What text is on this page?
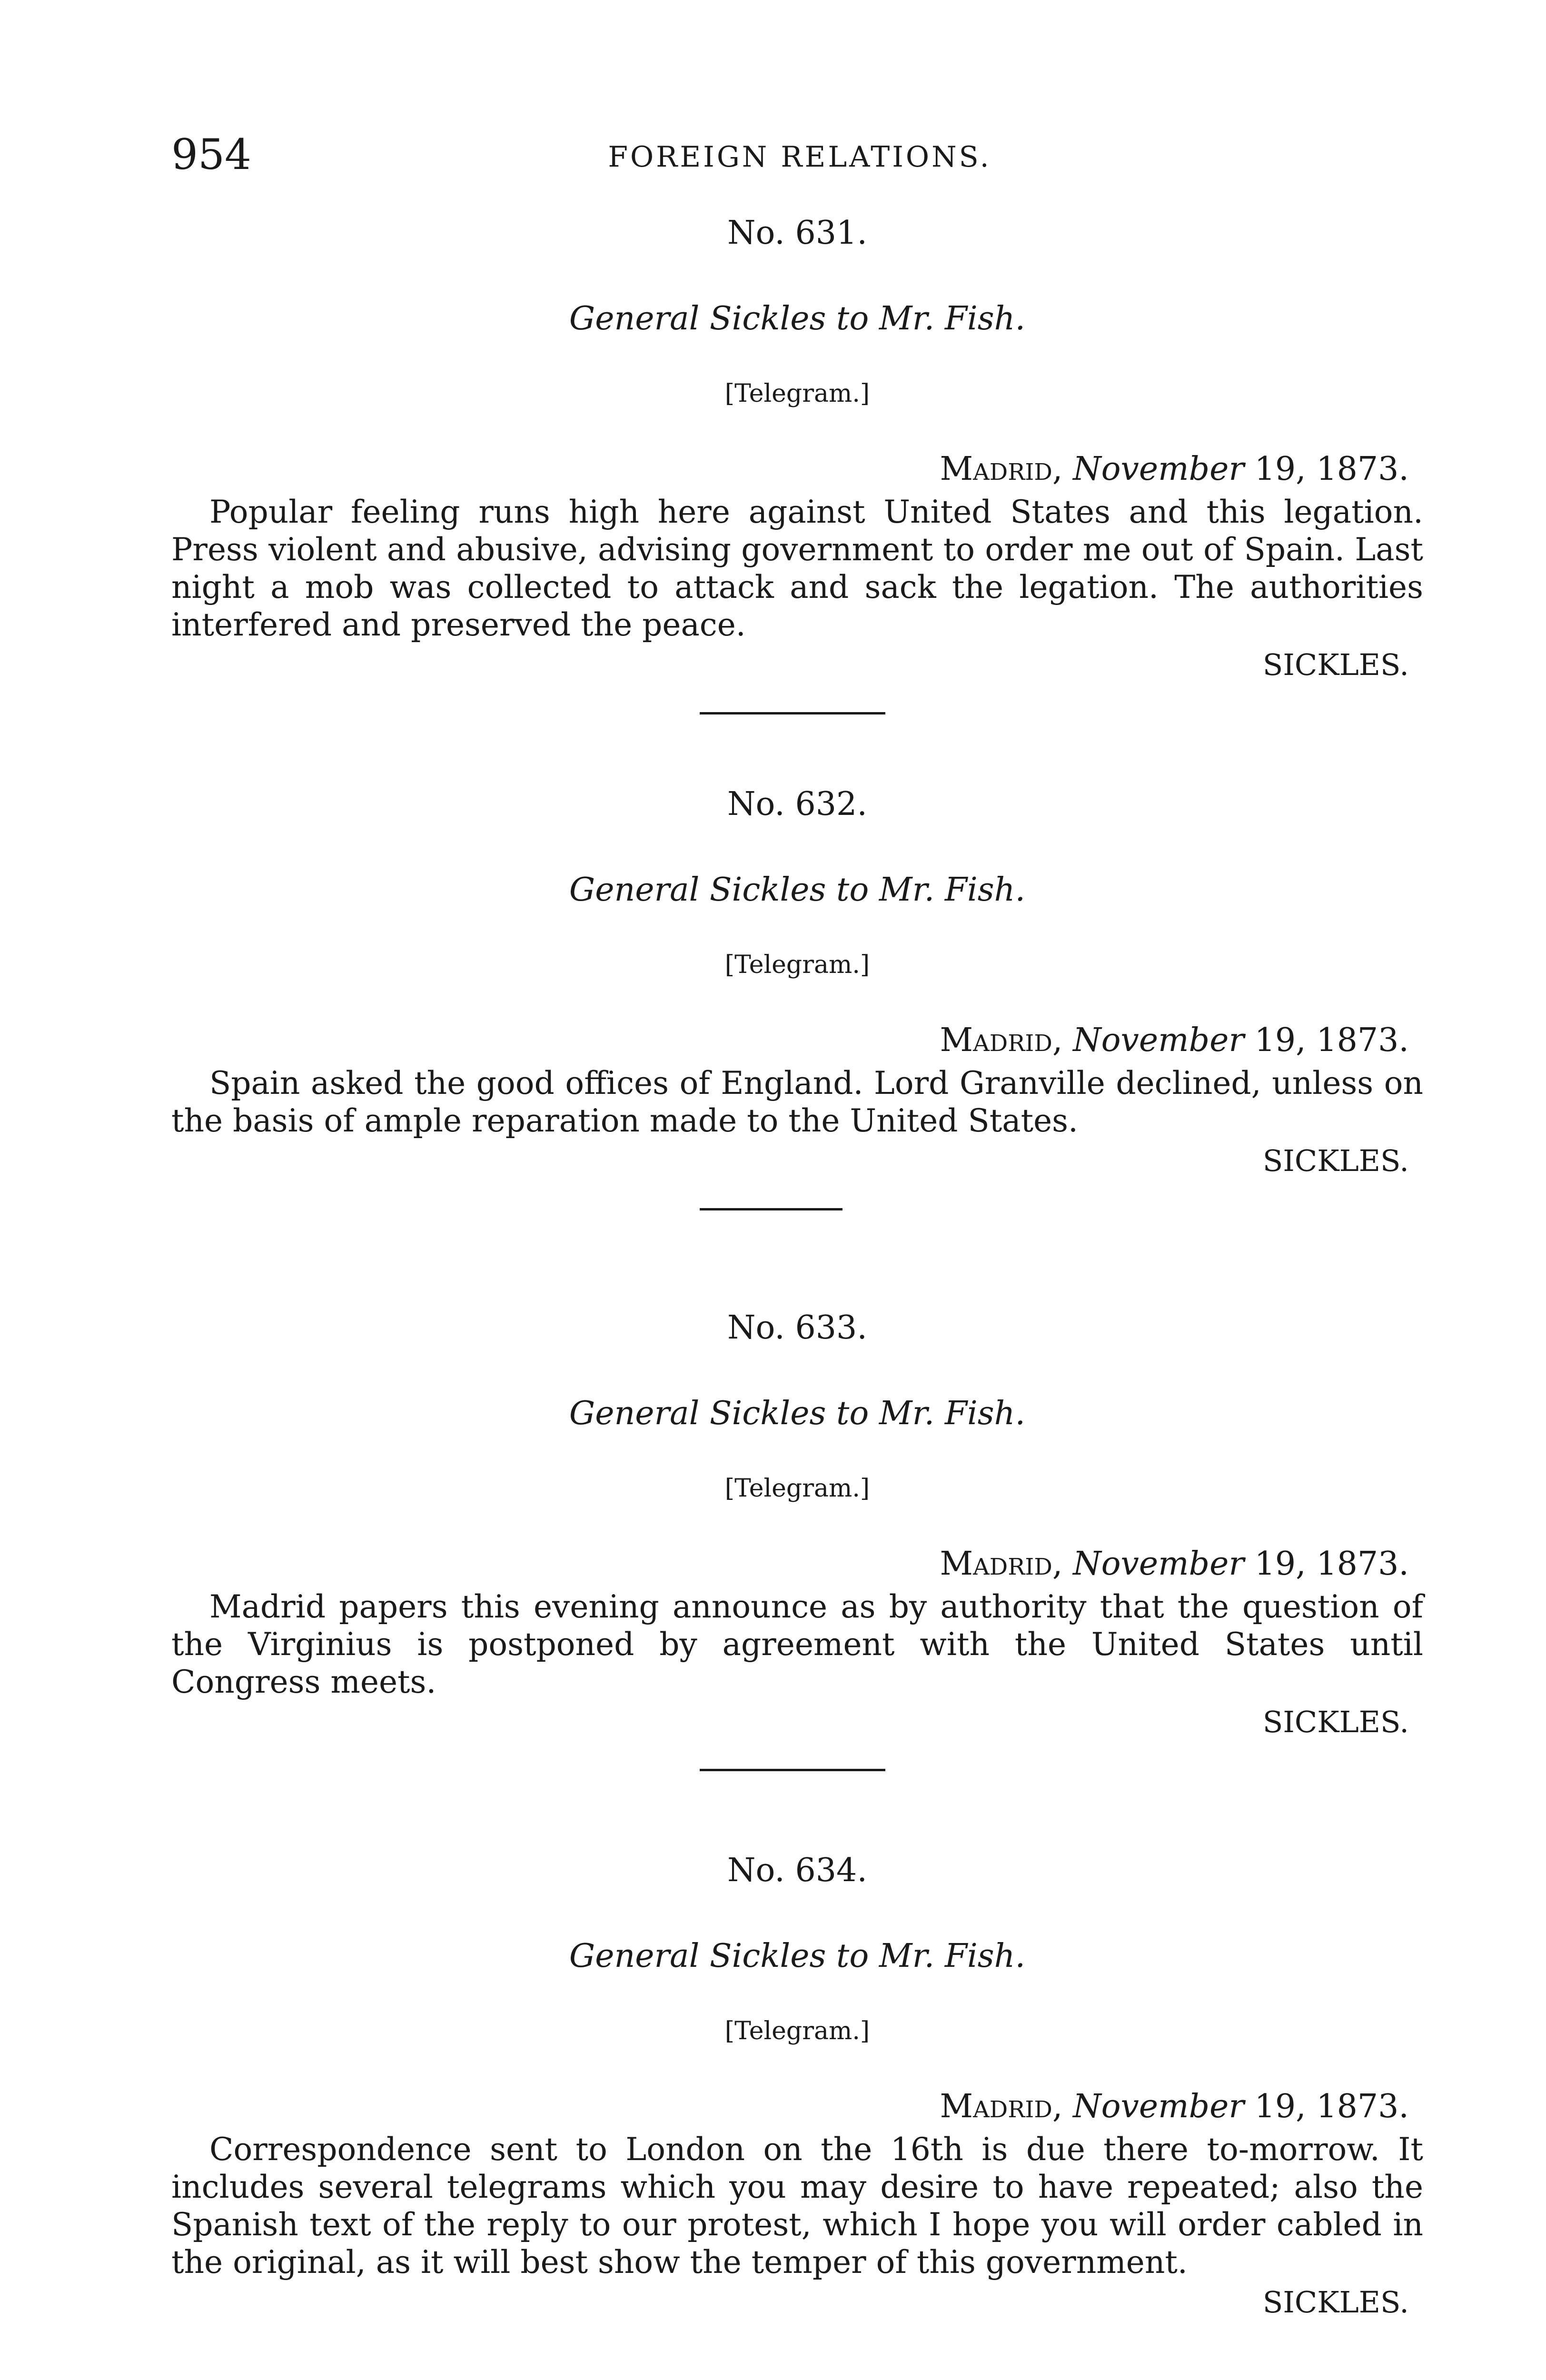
954	FOREIGN RELATIONS.
No. 631.
General Sickles to Mr. Fish.
[Telegram.]
Madrid, November 19, 1873.

Popular feeling runs high here against United States and this legation. Press violent and abusive, advising government to order me out of Spain. Last night a mob was collected to attack and sack the legation. The authorities interfered and preserved the peace.

SICKLES.
No. 632.
General Sickles to Mr. Fish.
[Telegram.]
Madrid, November 19, 1873.

Spain asked the good offices of England. Lord Granville declined, unless on the basis of ample reparation made to the United States.

SICKLES.
No. 633.
General Sickles to Mr. Fish.
[Telegram.]
Madrid, November 19, 1873.

Madrid papers this evening announce as by authority that the question of the Virginius is postponed by agreement with the United States until Congress meets.

SICKLES.
No. 634.
General Sickles to Mr. Fish.
[Telegram.]
Madrid, November 19, 1873.

Correspondence sent to London on the 16th is due there to-morrow. It includes several telegrams which you may desire to have repeated; also the Spanish text of the reply to our protest, which I hope you will order cabled in the original, as it will best show the temper of this government.

SICKLES.
